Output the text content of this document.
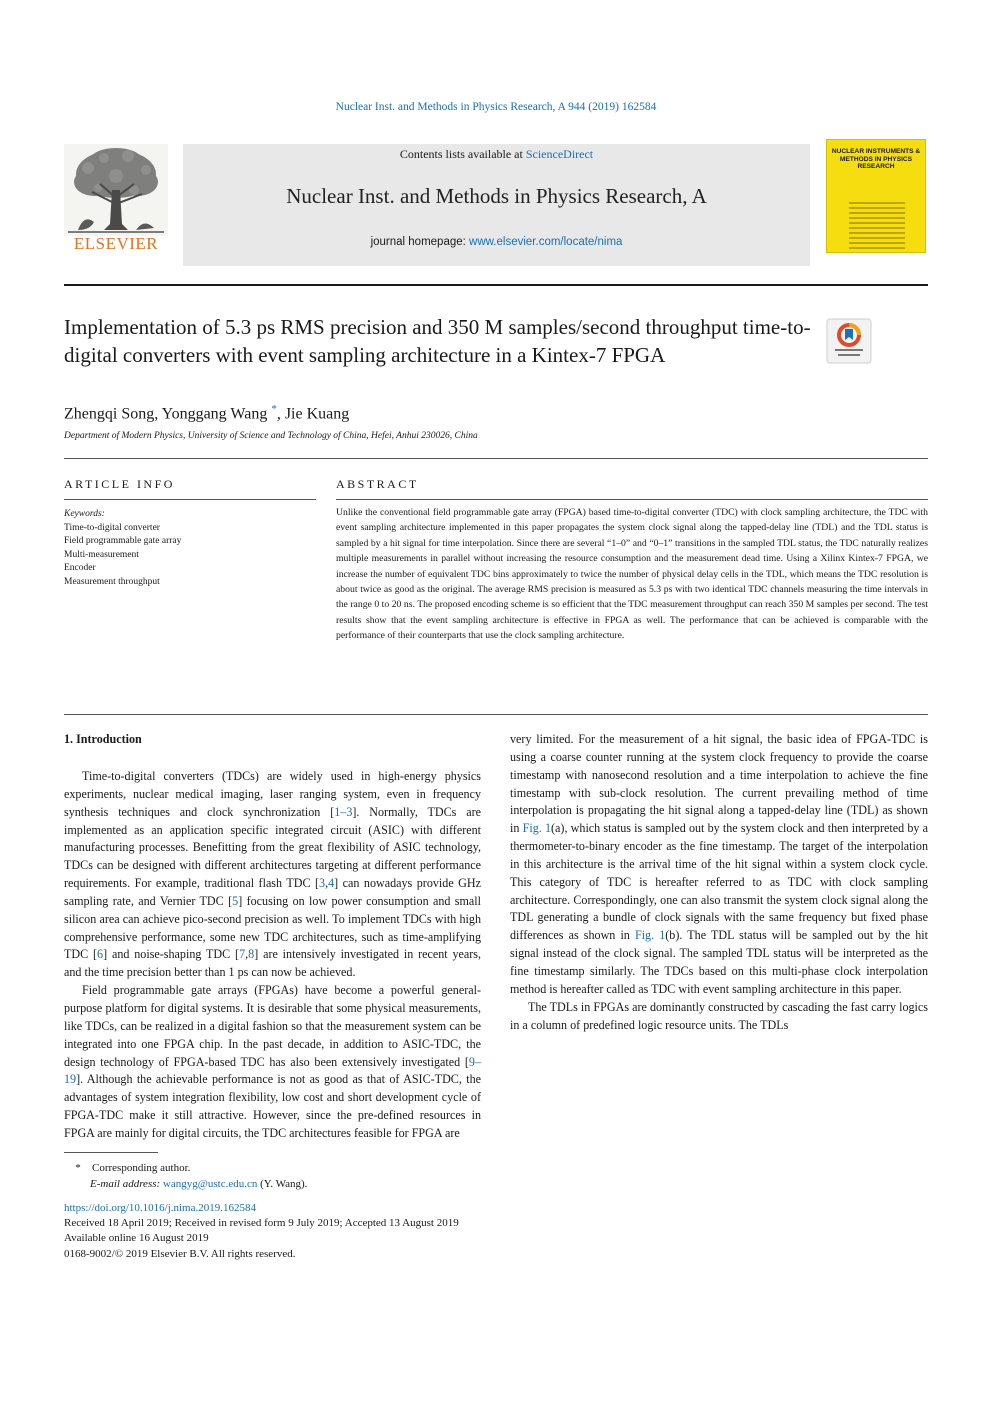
Nuclear Inst. and Methods in Physics Research, A 944 (2019) 162584
Contents lists available at ScienceDirect
Nuclear Inst. and Methods in Physics Research, A
journal homepage: www.elsevier.com/locate/nima
ELSEVIER
NUCLEAR INSTRUMENTS & METHODS IN PHYSICS RESEARCH
Implementation of 5.3 ps RMS precision and 350 M samples/second throughput time-to-digital converters with event sampling architecture in a Kintex-7 FPGA
Zhengqi Song, Yonggang Wang *, Jie Kuang
Department of Modern Physics, University of Science and Technology of China, Hefei, Anhui 230026, China
ARTICLE INFO	ABSTRACT
Keywords:
Time-to-digital converter
Field programmable gate array
Multi-measurement
Encoder
Measurement throughput
Unlike the conventional field programmable gate array (FPGA) based time-to-digital converter (TDC) with clock sampling architecture, the TDC with event sampling architecture implemented in this paper propagates the system clock signal along the tapped-delay line (TDL) and the TDL status is sampled by a hit signal for time interpolation. Since there are several “1–0” and “0–1” transitions in the sampled TDL status, the TDC naturally realizes multiple measurements in parallel without increasing the resource consumption and the measurement dead time. Using a Xilinx Kintex-7 FPGA, we increase the number of equivalent TDC bins approximately to twice the number of physical delay cells in the TDL, which means the TDC resolution is about twice as good as the original. The average RMS precision is measured as 5.3 ps with two identical TDC channels measuring the time intervals in the range 0 to 20 ns. The proposed encoding scheme is so efficient that the TDC measurement throughput can reach 350 M samples per second. The test results show that the event sampling architecture is effective in FPGA as well. The performance that can be achieved is comparable with the performance of their counterparts that use the clock sampling architecture.
1. Introduction

Time-to-digital converters (TDCs) are widely used in high-energy physics experiments, nuclear medical imaging, laser ranging system, even in frequency synthesis techniques and clock synchronization [1–3]. Normally, TDCs are implemented as an application specific integrated circuit (ASIC) with different manufacturing processes. Benefitting from the great flexibility of ASIC technology, TDCs can be designed with different architectures targeting at different performance requirements. For example, traditional flash TDC [3,4] can nowadays provide GHz sampling rate, and Vernier TDC [5] focusing on low power consumption and small silicon area can achieve pico-second precision as well. To implement TDCs with high comprehensive performance, some new TDC architectures, such as time-amplifying TDC [6] and noise-shaping TDC [7,8] are intensively investigated in recent years, and the time precision better than 1 ps can now be achieved.

Field programmable gate arrays (FPGAs) have become a powerful general-purpose platform for digital systems. It is desirable that some physical measurements, like TDCs, can be realized in a digital fashion so that the measurement system can be integrated into one FPGA chip. In the past decade, in addition to ASIC-TDC, the design technology of FPGA-based TDC has also been extensively investigated [9–19]. Although the achievable performance is not as good as that of ASIC-TDC, the advantages of system integration flexibility, low cost and short development cycle of FPGA-TDC make it still attractive. However, since the pre-defined resources in FPGA are mainly for digital circuits, the TDC architectures feasible for FPGA are

very limited. For the measurement of a hit signal, the basic idea of FPGA-TDC is using a coarse counter running at the system clock frequency to provide the coarse timestamp with nanosecond resolution and a time interpolation to achieve the fine timestamp with sub-clock resolution. The current prevailing method of time interpolation is propagating the hit signal along a tapped-delay line (TDL) as shown in Fig. 1(a), which status is sampled out by the system clock and then interpreted by a thermometer-to-binary encoder as the fine timestamp. The target of the interpolation in this architecture is the arrival time of the hit signal within a system clock cycle. This category of TDC is hereafter referred to as TDC with clock sampling architecture. Correspondingly, one can also transmit the system clock signal along the TDL generating a bundle of clock signals with the same frequency but fixed phase differences as shown in Fig. 1(b). The TDL status will be sampled out by the hit signal instead of the clock signal. The sampled TDL status will be interpreted as the fine timestamp similarly. The TDCs based on this multi-phase clock interpolation method is hereafter called as TDC with event sampling architecture in this paper.

The TDLs in FPGAs are dominantly constructed by cascading the fast carry logics in a column of predefined logic resource units. The TDLs

* Corresponding author.
E-mail address: wangyg@ustc.edu.cn (Y. Wang).
https://doi.org/10.1016/j.nima.2019.162584
Received 18 April 2019; Received in revised form 9 July 2019; Accepted 13 August 2019
Available online 16 August 2019
0168-9002/© 2019 Elsevier B.V. All rights reserved.
